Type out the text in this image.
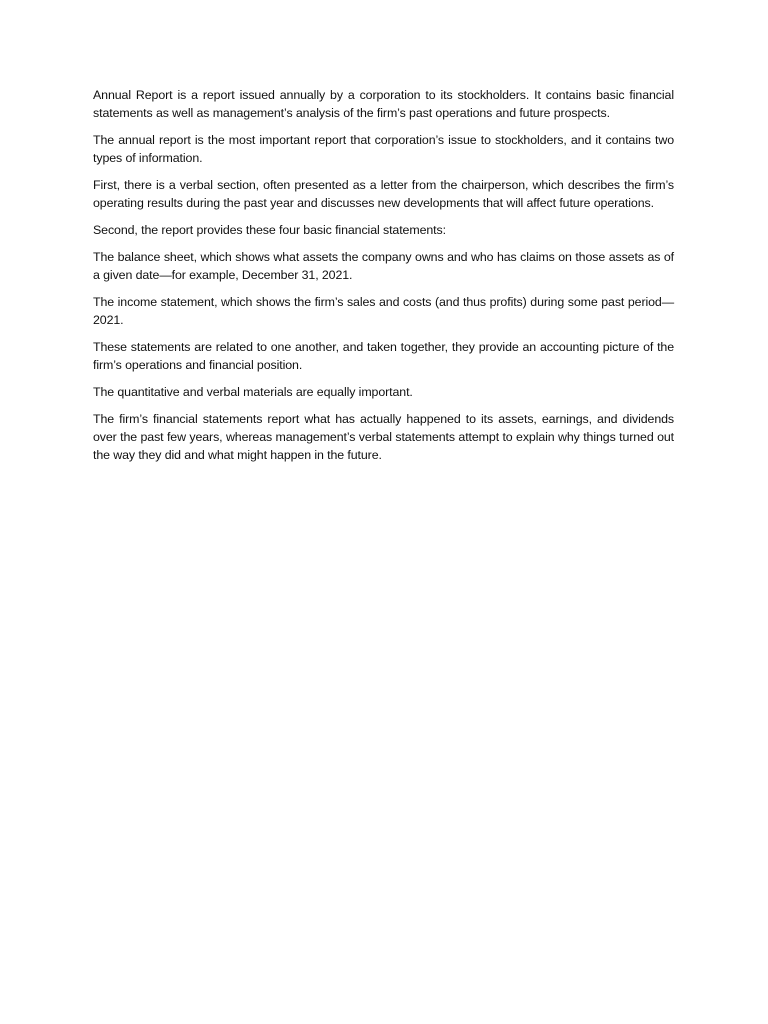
Annual Report is a report issued annually by a corporation to its stockholders. It contains basic financial statements as well as management’s analysis of the firm’s past operations and future prospects.

The annual report is the most important report that corporation’s issue to stockholders, and it contains two types of information.

First, there is a verbal section, often presented as a letter from the chairperson, which describes the firm’s operating results during the past year and discusses new developments that will affect future operations.

Second, the report provides these four basic financial statements:

The balance sheet, which shows what assets the company owns and who has claims on those assets as of a given date—for example, December 31, 2021.

The income statement, which shows the firm’s sales and costs (and thus profits) during some past period— 2021.

These statements are related to one another, and taken together, they provide an accounting picture of the firm’s operations and financial position.

The quantitative and verbal materials are equally important.

The firm’s financial statements report what has actually happened to its assets, earnings, and dividends over the past few years, whereas management’s verbal statements attempt to explain why things turned out the way they did and what might happen in the future.
